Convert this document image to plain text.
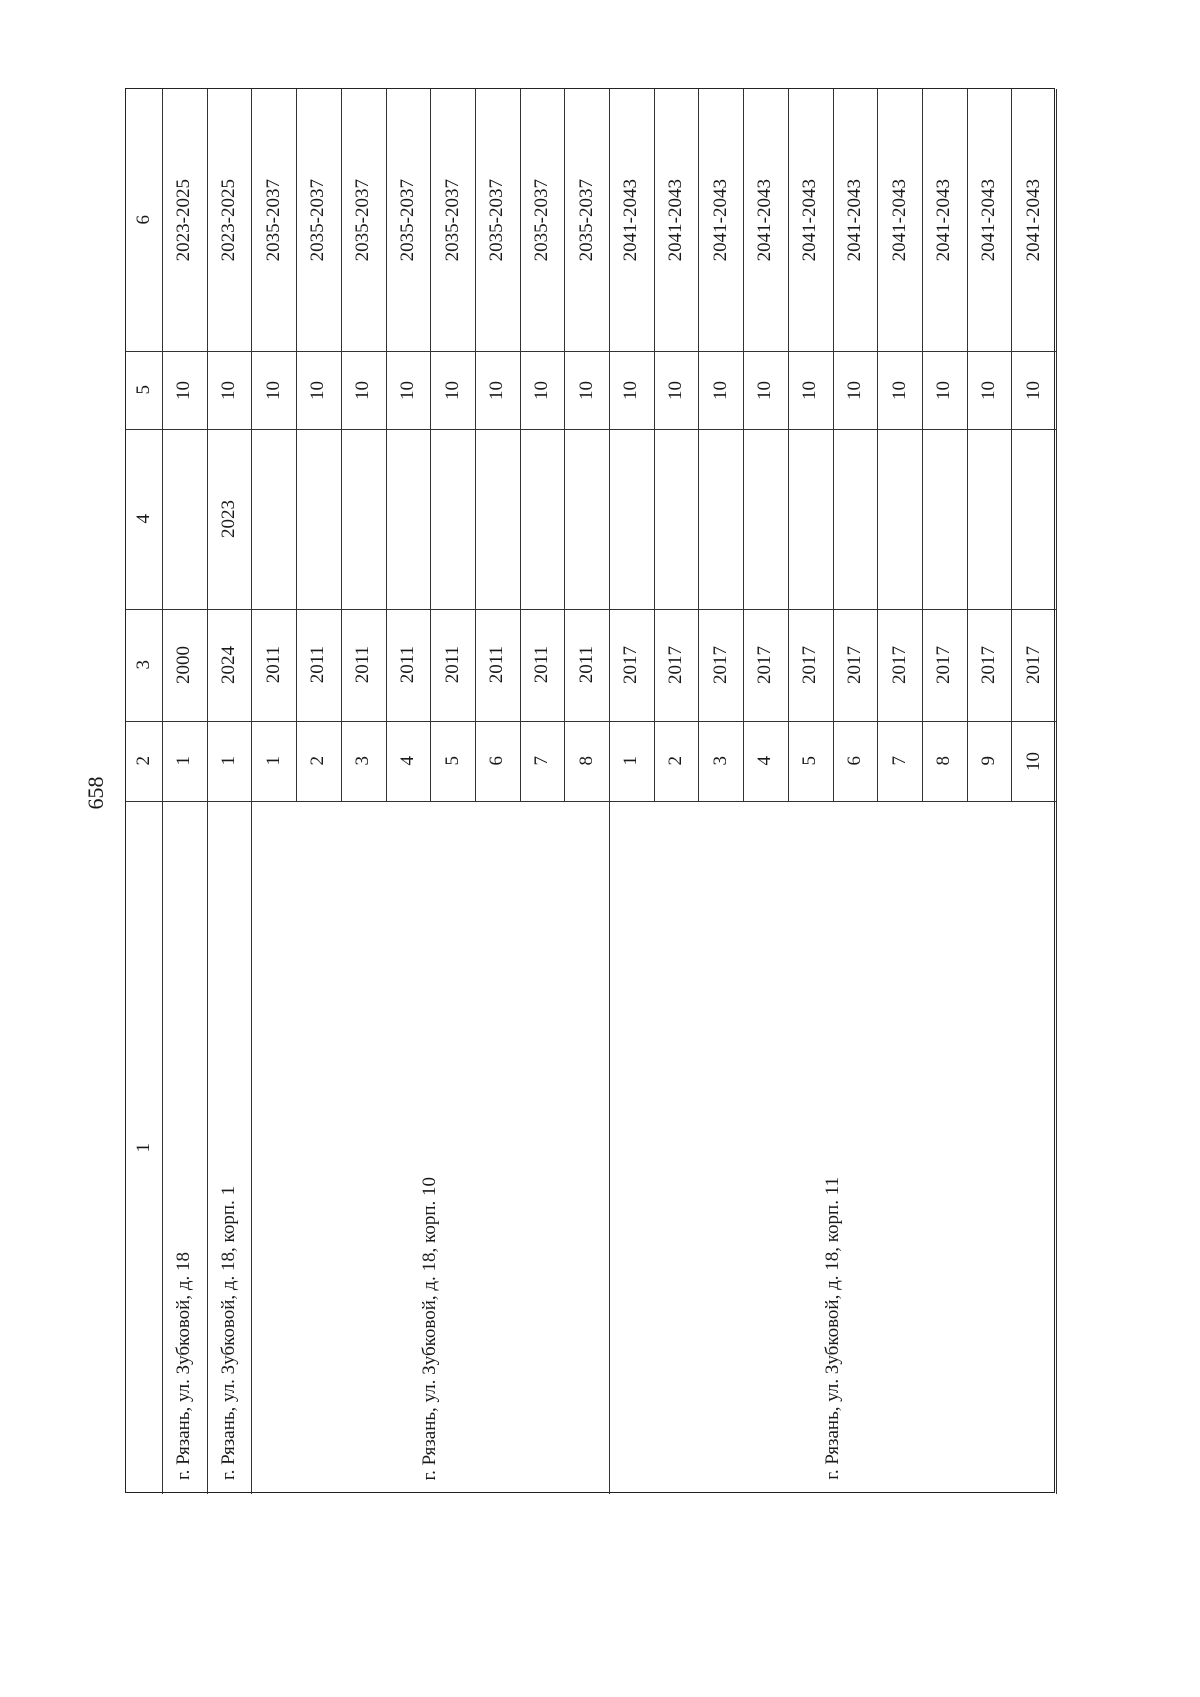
658
1
2
3
4
5
6
1
2000
10
2023-2025
г. Рязань, ул. Зубковой, д. 18
1
2024
2023
10
2023-2025
г. Рязань, ул. Зубковой, д. 18, корп. 1
1
2011
10
2035-2037
2
2011
10
2035-2037
3
2011
10
2035-2037
4
2011
10
2035-2037
5
2011
10
2035-2037
6
2011
10
2035-2037
7
2011
10
2035-2037
8
2011
10
2035-2037
г. Рязань, ул. Зубковой, д. 18, корп. 10
1
2017
10
2041-2043
2
2017
10
2041-2043
3
2017
10
2041-2043
4
2017
10
2041-2043
5
2017
10
2041-2043
6
2017
10
2041-2043
7
2017
10
2041-2043
8
2017
10
2041-2043
9
2017
10
2041-2043
10
2017
10
2041-2043
г. Рязань, ул. Зубковой, д. 18, корп. 11
